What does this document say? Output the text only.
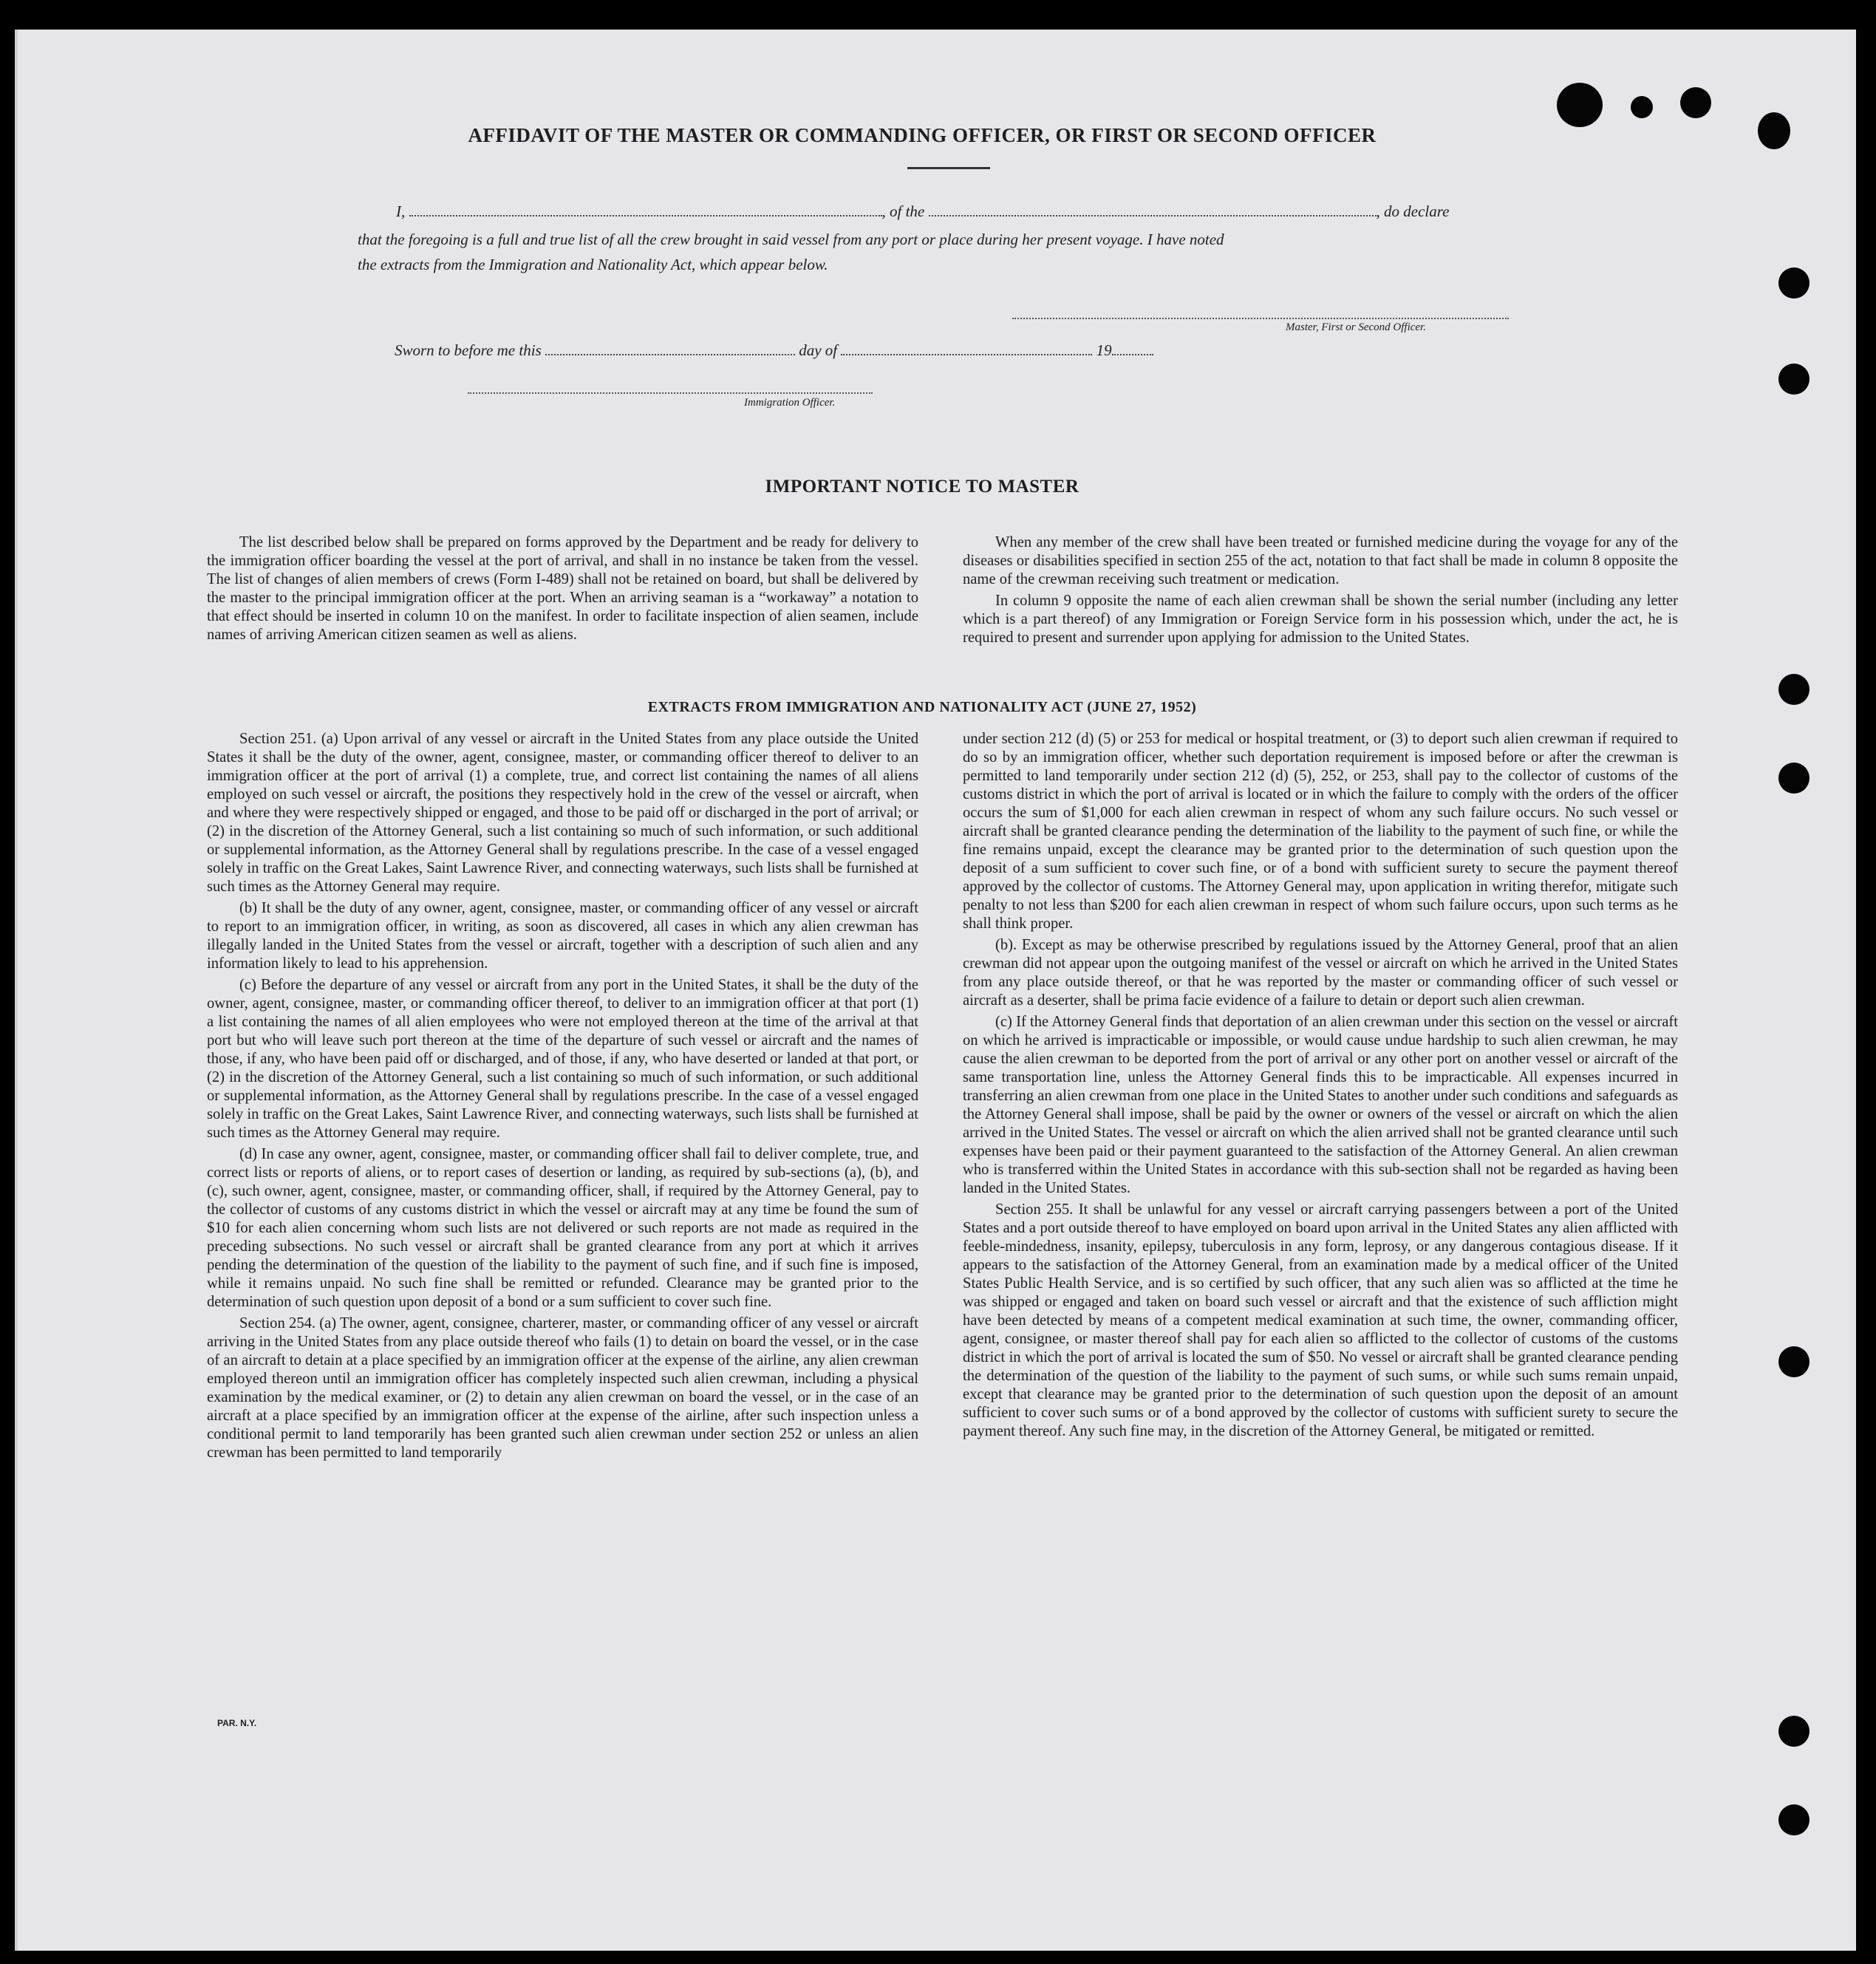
AFFIDAVIT OF THE MASTER OR COMMANDING OFFICER, OR FIRST OR SECOND OFFICER
I,	, of the	, do declare
that the foregoing is a full and true list of all the crew brought in said vessel from any port or place during her present voyage. I have noted
the extracts from the Immigration and Nationality Act, which appear below.
Master, First or Second Officer.
Sworn to before me this	day of	19
Immigration Officer.
IMPORTANT NOTICE TO MASTER

The list described below shall be prepared on forms approved by the Department and be ready for delivery to the immigration officer boarding the vessel at the port of arrival, and shall in no instance be taken from the vessel. The list of changes of alien members of crews (Form I-489) shall not be retained on board, but shall be delivered by the master to the principal immigration officer at the port. When an arriving seaman is a “workaway” a notation to that effect should be inserted in column 10 on the manifest. In order to facilitate inspection of alien seamen, include names of arriving American citizen seamen as well as aliens.

When any member of the crew shall have been treated or furnished medicine during the voyage for any of the diseases or disabilities specified in section 255 of the act, notation to that fact shall be made in column 8 opposite the name of the crewman receiving such treatment or medication.

In column 9 opposite the name of each alien crewman shall be shown the serial number (including any letter which is a part thereof) of any Immigration or Foreign Service form in his possession which, under the act, he is required to present and surrender upon applying for admission to the United States.

EXTRACTS FROM IMMIGRATION AND NATIONALITY ACT (JUNE 27, 1952)

Section 251. (a) Upon arrival of any vessel or aircraft in the United States from any place outside the United States it shall be the duty of the owner, agent, consignee, master, or commanding officer thereof to deliver to an immigration officer at the port of arrival (1) a complete, true, and correct list containing the names of all aliens employed on such vessel or aircraft, the positions they respectively hold in the crew of the vessel or aircraft, when and where they were respectively shipped or engaged, and those to be paid off or discharged in the port of arrival; or (2) in the discretion of the Attorney General, such a list containing so much of such information, or such additional or supplemental information, as the Attorney General shall by regulations prescribe. In the case of a vessel engaged solely in traffic on the Great Lakes, Saint Lawrence River, and connecting waterways, such lists shall be furnished at such times as the Attorney General may require.

(b) It shall be the duty of any owner, agent, consignee, master, or commanding officer of any vessel or aircraft to report to an immigration officer, in writing, as soon as discovered, all cases in which any alien crewman has illegally landed in the United States from the vessel or aircraft, together with a description of such alien and any information likely to lead to his apprehension.

(c) Before the departure of any vessel or aircraft from any port in the United States, it shall be the duty of the owner, agent, consignee, master, or commanding officer thereof, to deliver to an immigration officer at that port (1) a list containing the names of all alien employees who were not employed thereon at the time of the arrival at that port but who will leave such port thereon at the time of the departure of such vessel or aircraft and the names of those, if any, who have been paid off or discharged, and of those, if any, who have deserted or landed at that port, or (2) in the discretion of the Attorney General, such a list containing so much of such information, or such additional or supplemental information, as the Attorney General shall by regulations prescribe. In the case of a vessel engaged solely in traffic on the Great Lakes, Saint Lawrence River, and connecting waterways, such lists shall be furnished at such times as the Attorney General may require.

(d) In case any owner, agent, consignee, master, or commanding officer shall fail to deliver complete, true, and correct lists or reports of aliens, or to report cases of desertion or landing, as required by sub-sections (a), (b), and (c), such owner, agent, consignee, master, or commanding officer, shall, if required by the Attorney General, pay to the collector of customs of any customs district in which the vessel or aircraft may at any time be found the sum of $10 for each alien concerning whom such lists are not delivered or such reports are not made as required in the preceding subsections. No such vessel or aircraft shall be granted clearance from any port at which it arrives pending the determination of the question of the liability to the payment of such fine, and if such fine is imposed, while it remains unpaid. No such fine shall be remitted or refunded. Clearance may be granted prior to the determination of such question upon deposit of a bond or a sum sufficient to cover such fine.

Section 254. (a) The owner, agent, consignee, charterer, master, or commanding officer of any vessel or aircraft arriving in the United States from any place outside thereof who fails (1) to detain on board the vessel, or in the case of an aircraft to detain at a place specified by an immigration officer at the expense of the airline, any alien crewman employed thereon until an immigration officer has completely inspected such alien crewman, including a physical examination by the medical examiner, or (2) to detain any alien crewman on board the vessel, or in the case of an aircraft at a place specified by an immigration officer at the expense of the airline, after such inspection unless a conditional permit to land temporarily has been granted such alien crewman under section 252 or unless an alien crewman has been permitted to land temporarily

under section 212 (d) (5) or 253 for medical or hospital treatment, or (3) to deport such alien crewman if required to do so by an immigration officer, whether such deportation requirement is imposed before or after the crewman is permitted to land temporarily under section 212 (d) (5), 252, or 253, shall pay to the collector of customs of the customs district in which the port of arrival is located or in which the failure to comply with the orders of the officer occurs the sum of $1,000 for each alien crewman in respect of whom any such failure occurs. No such vessel or aircraft shall be granted clearance pending the determination of the liability to the payment of such fine, or while the fine remains unpaid, except the clearance may be granted prior to the determination of such question upon the deposit of a sum sufficient to cover such fine, or of a bond with sufficient surety to secure the payment thereof approved by the collector of customs. The Attorney General may, upon application in writing therefor, mitigate such penalty to not less than $200 for each alien crewman in respect of whom such failure occurs, upon such terms as he shall think proper.

(b). Except as may be otherwise prescribed by regulations issued by the Attorney General, proof that an alien crewman did not appear upon the outgoing manifest of the vessel or aircraft on which he arrived in the United States from any place outside thereof, or that he was reported by the master or commanding officer of such vessel or aircraft as a deserter, shall be prima facie evidence of a failure to detain or deport such alien crewman.

(c) If the Attorney General finds that deportation of an alien crewman under this section on the vessel or aircraft on which he arrived is impracticable or impossible, or would cause undue hardship to such alien crewman, he may cause the alien crewman to be deported from the port of arrival or any other port on another vessel or aircraft of the same transportation line, unless the Attorney General finds this to be impracticable. All expenses incurred in transferring an alien crewman from one place in the United States to another under such conditions and safeguards as the Attorney General shall impose, shall be paid by the owner or owners of the vessel or aircraft on which the alien arrived in the United States. The vessel or aircraft on which the alien arrived shall not be granted clearance until such expenses have been paid or their payment guaranteed to the satisfaction of the Attorney General. An alien crewman who is transferred within the United States in accordance with this sub-section shall not be regarded as having been landed in the United States.

Section 255. It shall be unlawful for any vessel or aircraft carrying passengers between a port of the United States and a port outside thereof to have employed on board upon arrival in the United States any alien afflicted with feeble-mindedness, insanity, epilepsy, tuberculosis in any form, leprosy, or any dangerous contagious disease. If it appears to the satisfaction of the Attorney General, from an examination made by a medical officer of the United States Public Health Service, and is so certified by such officer, that any such alien was so afflicted at the time he was shipped or engaged and taken on board such vessel or aircraft and that the existence of such affliction might have been detected by means of a competent medical examination at such time, the owner, commanding officer, agent, consignee, or master thereof shall pay for each alien so afflicted to the collector of customs of the customs district in which the port of arrival is located the sum of $50. No vessel or aircraft shall be granted clearance pending the determination of the question of the liability to the payment of such sums, or while such sums remain unpaid, except that clearance may be granted prior to the determination of such question upon the deposit of an amount sufficient to cover such sums or of a bond approved by the collector of customs with sufficient surety to secure the payment thereof. Any such fine may, in the discretion of the Attorney General, be mitigated or remitted.

PAR. N.Y.
